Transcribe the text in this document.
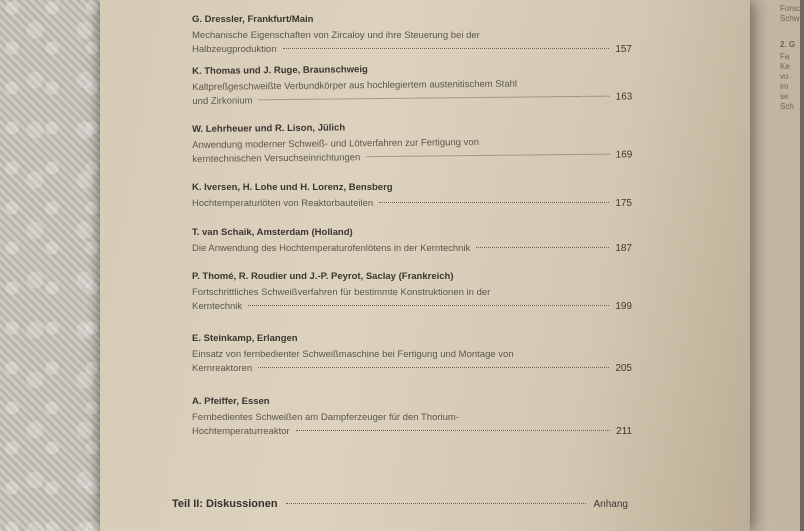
Forsch
Schwe
2. G
Fa
Ke
vo
im
se
Sch

G. Dressler, Frankfurt/Main

Mechanische Eigenschaften von Zircaloy und ihre Steuerung bei der
Halbzeugproduktion	157

K. Thomas und J. Ruge, Braunschweig

Kaltpreßgeschweißte Verbundkörper aus hochlegiertem austenitischem Stahl
und Zirkonium	163

W. Lehrheuer und R. Lison, Jülich

Anwendung moderner Schweiß- und Lötverfahren zur Fertigung von
kerntechnischen Versuchseinrichtungen	169

K. Iversen, H. Lohe und H. Lorenz, Bensberg

Hochtemperaturlöten von Reaktorbauteilen	175

T. van Schaik, Amsterdam (Holland)

Die Anwendung des Hochtemperaturofenlötens in der Kerntechnik	187

P. Thomé, R. Roudier und J.-P. Peyrot, Saclay (Frankreich)

Fortschrittliches Schweißverfahren für bestimmte Konstruktionen in der
Kerntechnik	199

E. Steinkamp, Erlangen

Einsatz von fernbedienter Schweißmaschine bei Fertigung und Montage von
Kernreaktoren	205

A. Pfeiffer, Essen

Fernbedientes Schweißen am Dampferzeuger für den Thorium-
Hochtemperaturreaktor	211

Teil II: Diskussionen	Anhang
